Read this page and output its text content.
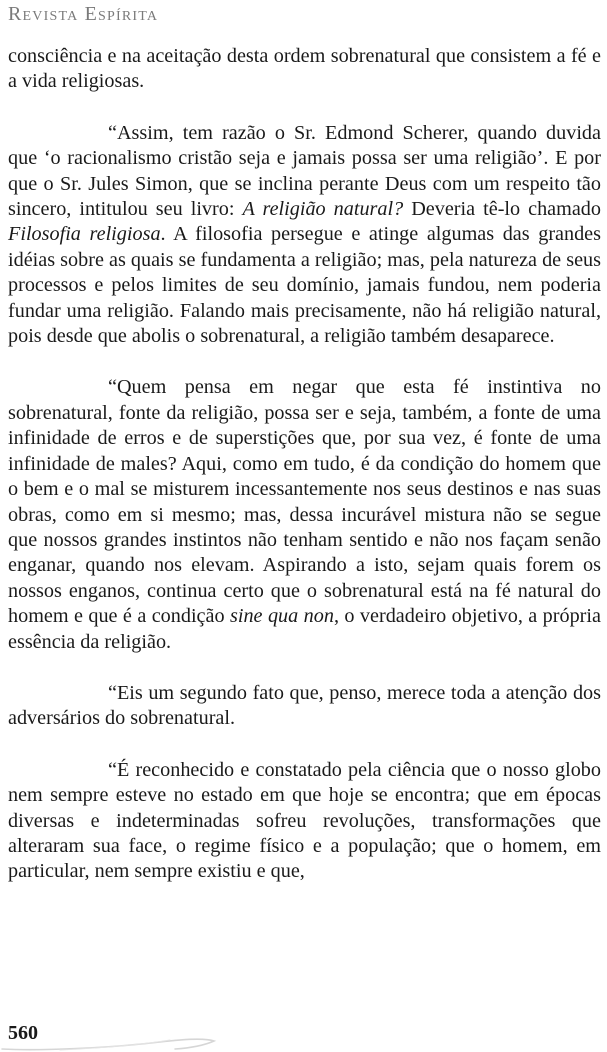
Revista Espírita

consciência e na aceitação desta ordem sobrenatural que consistem a fé e a vida religiosas.

“Assim, tem razão o Sr. Edmond Scherer, quando duvida que ‘o racionalismo cristão seja e jamais possa ser uma religião’. E por que o Sr. Jules Simon, que se inclina perante Deus com um respeito tão sincero, intitulou seu livro: A religião natural? Deveria tê-lo chamado Filosofia religiosa. A filosofia persegue e atinge algumas das grandes idéias sobre as quais se fundamenta a religião; mas, pela natureza de seus processos e pelos limites de seu domínio, jamais fundou, nem poderia fundar uma religião. Falando mais precisamente, não há religião natural, pois desde que abolis o sobrenatural, a religião também desaparece.

“Quem pensa em negar que esta fé instintiva no sobrenatural, fonte da religião, possa ser e seja, também, a fonte de uma infinidade de erros e de superstições que, por sua vez, é fonte de uma infinidade de males? Aqui, como em tudo, é da condição do homem que o bem e o mal se misturem incessantemente nos seus destinos e nas suas obras, como em si mesmo; mas, dessa incurável mistura não se segue que nossos grandes instintos não tenham sentido e não nos façam senão enganar, quando nos elevam. Aspirando a isto, sejam quais forem os nossos enganos, continua certo que o sobrenatural está na fé natural do homem e que é a condição sine qua non, o verdadeiro objetivo, a própria essência da religião.

“Eis um segundo fato que, penso, merece toda a atenção dos adversários do sobrenatural.

“É reconhecido e constatado pela ciência que o nosso globo nem sempre esteve no estado em que hoje se encontra; que em épocas diversas e indeterminadas sofreu revoluções, transformações que alteraram sua face, o regime físico e a população; que o homem, em particular, nem sempre existiu e que,

560
